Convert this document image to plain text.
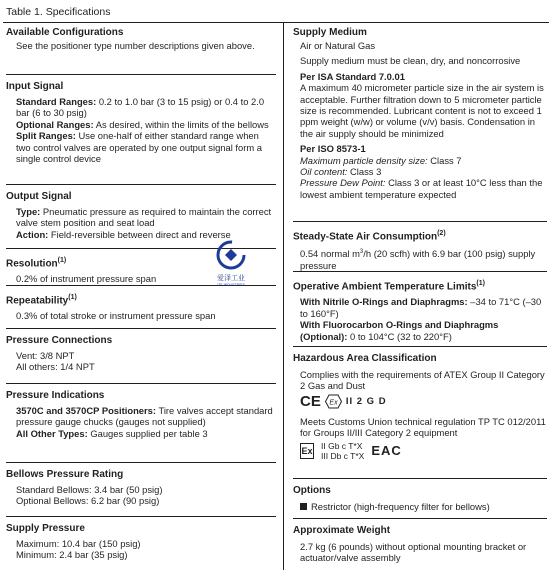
Table 1. Specifications
Available Configurations
See the positioner type number descriptions given above.
Input Signal
Standard Ranges: 0.2 to 1.0 bar (3 to 15 psig) or 0.4 to 2.0 bar (6 to 30 psig)
Optional Ranges: As desired, within the limits of the bellows
Split Ranges: Use one-half of either standard range when two control valves are operated by one output signal form a single control device
Output Signal
Type: Pneumatic pressure as required to maintain the correct valve stem position and seat load
Action: Field-reversible between direct and reverse
Resolution$^{(1)}$
0.2% of instrument pressure span
Repeatability$^{(1)}$
0.3% of total stroke or instrument pressure span
Pressure Connections
Vent: 3/8 NPT
All others: 1/4 NPT
Pressure Indications
3570C and 3570CP Positioners: Tire valves accept standard pressure gauge chucks (gauges not supplied)
All Other Types: Gauges supplied per table 3
Bellows Pressure Rating
Standard Bellows: 3.4 bar (50 psig)
Optional Bellows: 6.2 bar (90 psig)
Supply Pressure
Maximum: 10.4 bar (150 psig)
Minimum: 2.4 bar (35 psig)
爱泽工业
IZE INDUSTRIES
Supply Medium
Air or Natural Gas
Supply medium must be clean, dry, and noncorrosive
Per ISA Standard 7.0.01
A maximum 40 micrometer particle size in the air system is acceptable. Further filtration down to 5 micrometer particle size is recommended. Lubricant content is not to exceed 1 ppm weight (w/w) or volume (v/v) basis. Condensation in the air supply should be minimized
Per ISO 8573-1
Maximum particle density size: Class 7
Oil content: Class 3
Pressure Dew Point: Class 3 or at least 10°C less than the lowest ambient temperature expected
Steady-State Air Consumption$^{(2)}$
0.54 normal $m^3/h$ (20 scfh) with 6.9 bar (100 psig) supply pressure
Operative Ambient Temperature Limits$^{(1)}$
With Nitrile O-Rings and Diaphragms: –34 to 71°C (–30 to 160°F)
With Fluorocarbon O-Rings and Diaphragms (Optional): 0 to 104°C (32 to 220°F)
Hazardous Area Classification
Complies with the requirements of ATEX Group II Category 2 Gas and Dust
CE Ex II 2 G D
Meets Customs Union technical regulation TP TC 012/2011 for Groups II/III Category 2 equipment
Ex II Gb c T*X
III Db c T*X EAC
Options
Restrictor (high-frequency filter for bellows)
Approximate Weight
2.7 kg (6 pounds) without optional mounting bracket or actuator/valve assembly
